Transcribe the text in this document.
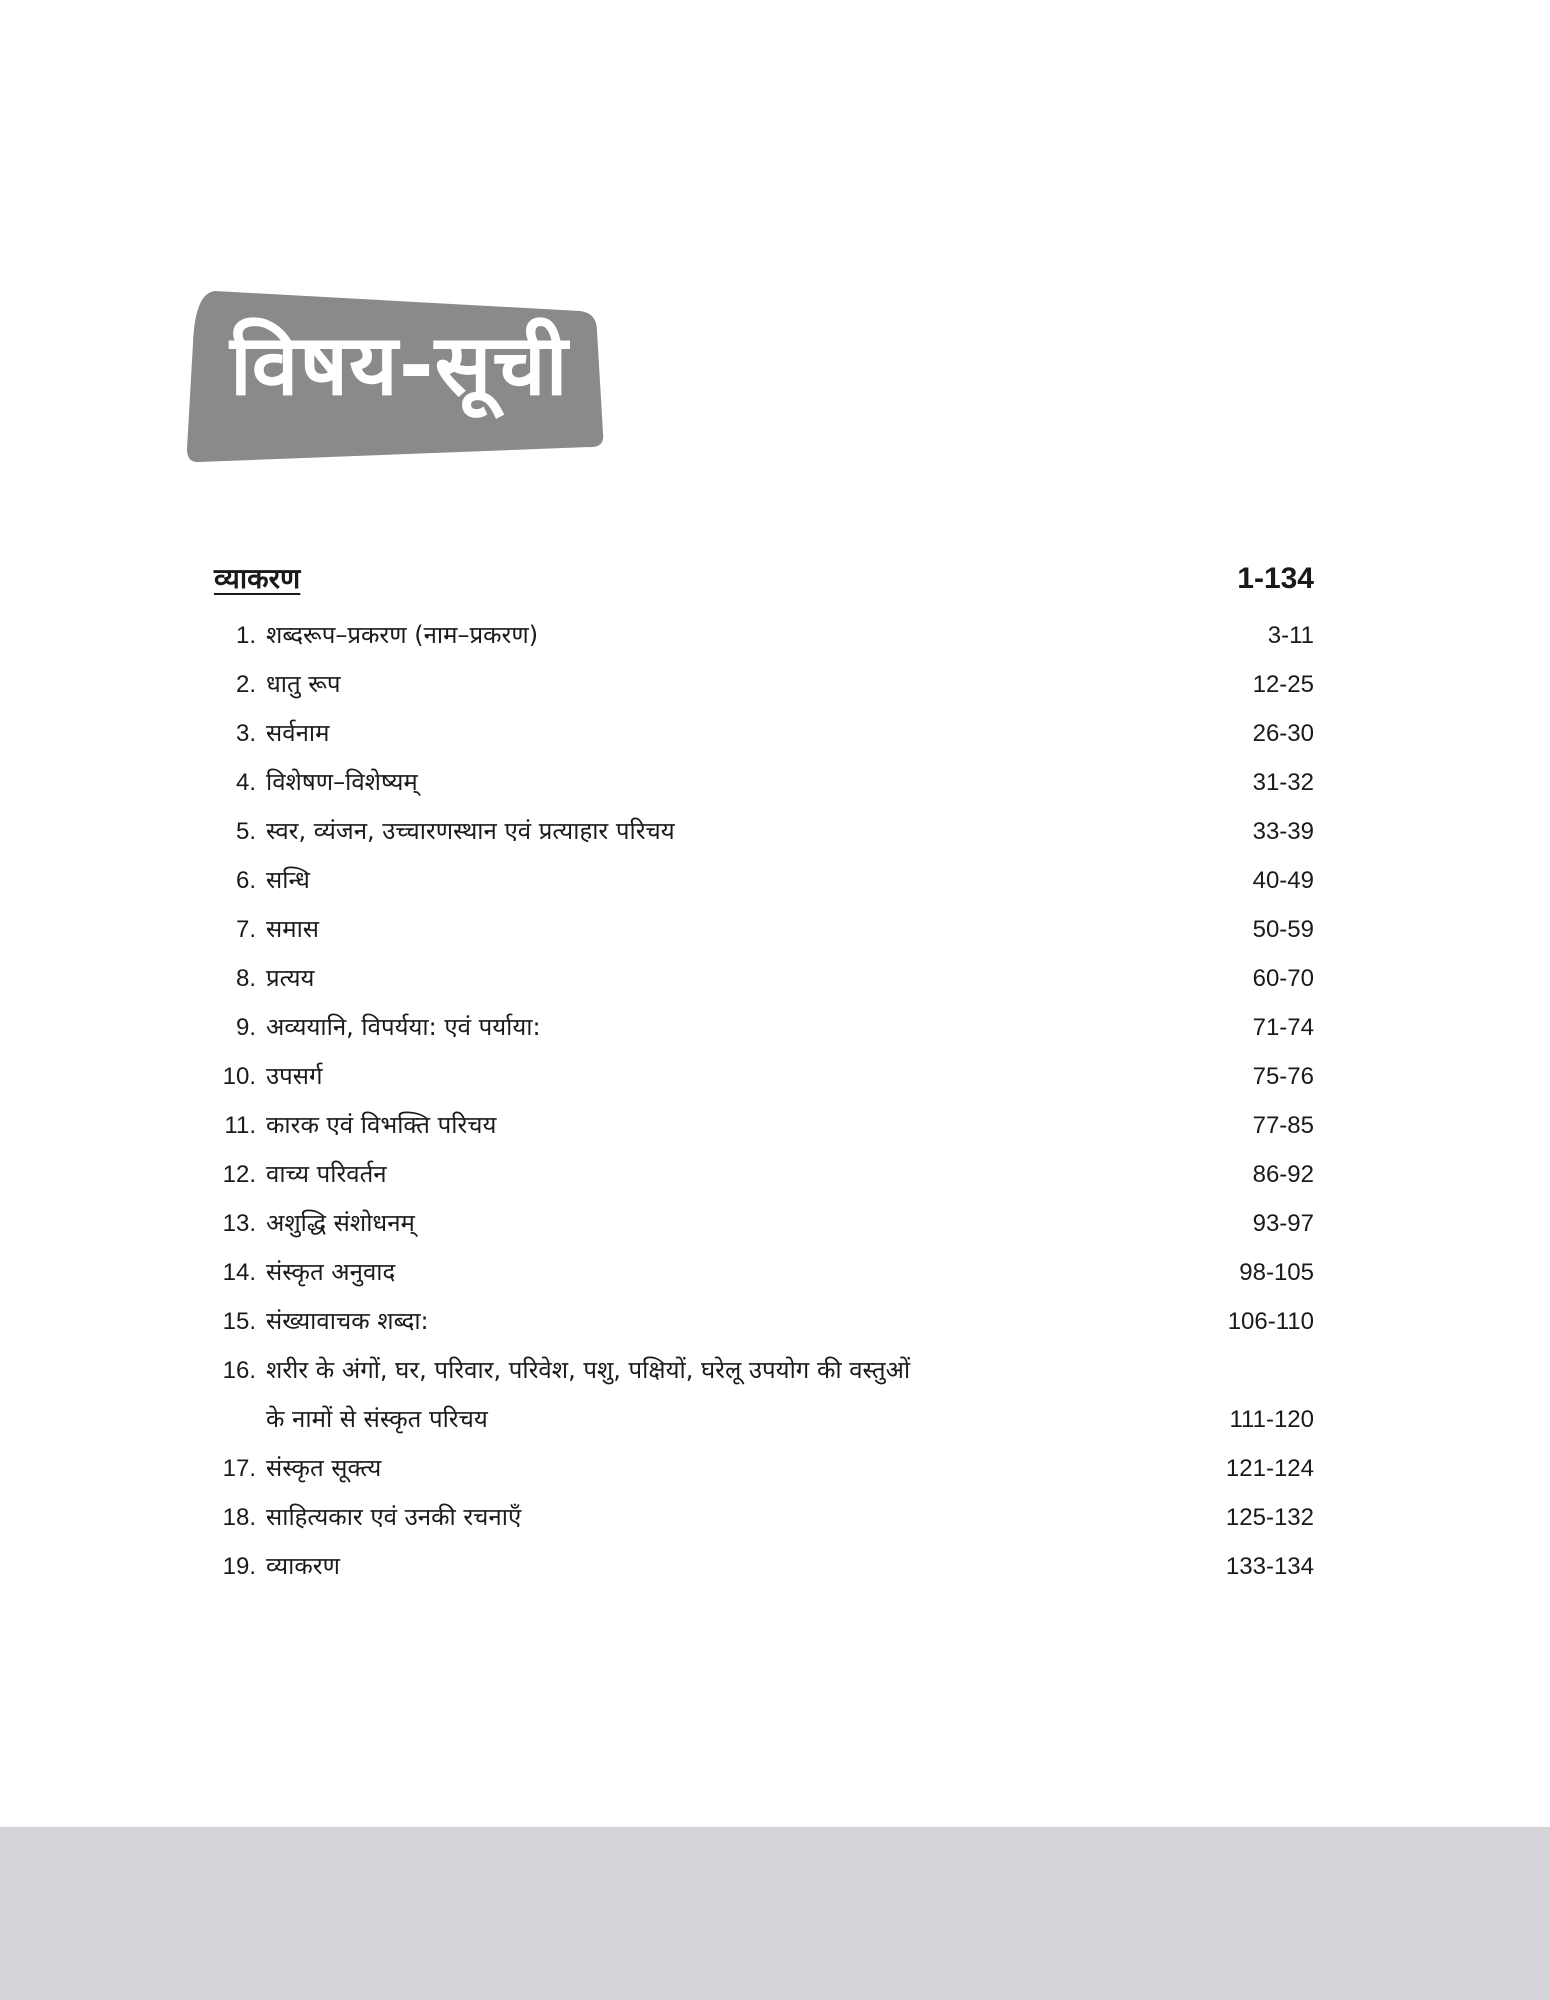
विषय-सूची
व्याकरण	1-134
1. शब्दरूप–प्रकरण (नाम–प्रकरण)	3-11
2. धातु रूप	12-25
3. सर्वनाम	26-30
4. विशेषण–विशेष्यम्	31-32
5. स्वर, व्यंजन, उच्चारणस्थान एवं प्रत्याहार परिचय	33-39
6. सन्धि	40-49
7. समास	50-59
8. प्रत्यय	60-70
9. अव्ययानि, विपर्यया: एवं पर्याया:	71-74
10. उपसर्ग	75-76
11. कारक एवं विभक्ति परिचय	77-85
12. वाच्य परिवर्तन	86-92
13. अशुद्धि संशोधनम्	93-97
14. संस्कृत अनुवाद	98-105
15. संख्यावाचक शब्दा:	106-110
16. शरीर के अंगों, घर, परिवार, परिवेश, पशु, पक्षियों, घरेलू उपयोग की वस्तुओं
के नामों से संस्कृत परिचय	111-120
17. संस्कृत सूक्त्य	121-124
18. साहित्यकार एवं उनकी रचनाएँ	125-132
19. व्याकरण	133-134
